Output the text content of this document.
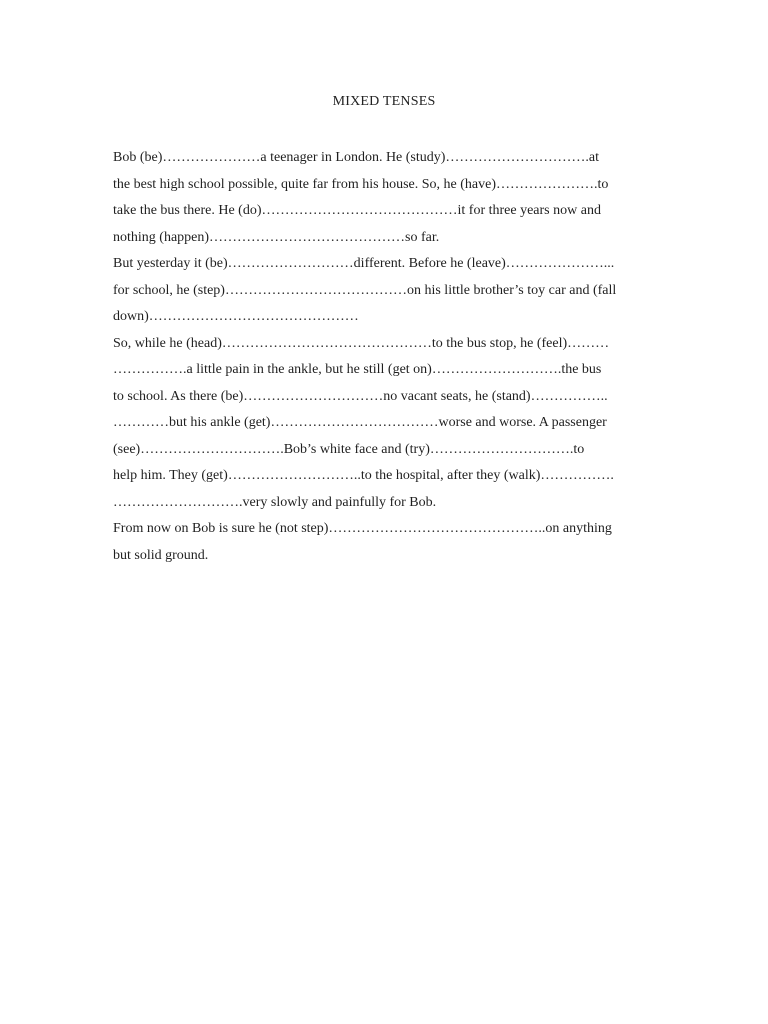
MIXED TENSES
Bob (be)…………………a teenager in London. He (study)………………………….at
the best high school possible, quite far from his house. So, he (have)………………….to
take the bus there. He (do)……………………………………it for three years now and
nothing (happen)……………………………………so far.
But yesterday it (be)………………………different. Before he (leave)…………………...
for school, he (step)…………………………………on his little brother’s toy car and (fall
down)………………………………………
So, while he (head)………………………………………to the bus stop, he (feel)………
…………….a little pain in the ankle, but he still (get on)……………………….the bus
to school. As there (be)…………………………no vacant seats, he (stand)……………..
…………but his ankle (get)………………………………worse and worse. A passenger
(see)………………………….Bob’s white face and (try)………………………….to
help him. They (get)………………………..to the hospital, after they (walk)…………….
……………………….very slowly and painfully for Bob.
From now on Bob is sure he (not step)………………………………………..on anything
but solid ground.
